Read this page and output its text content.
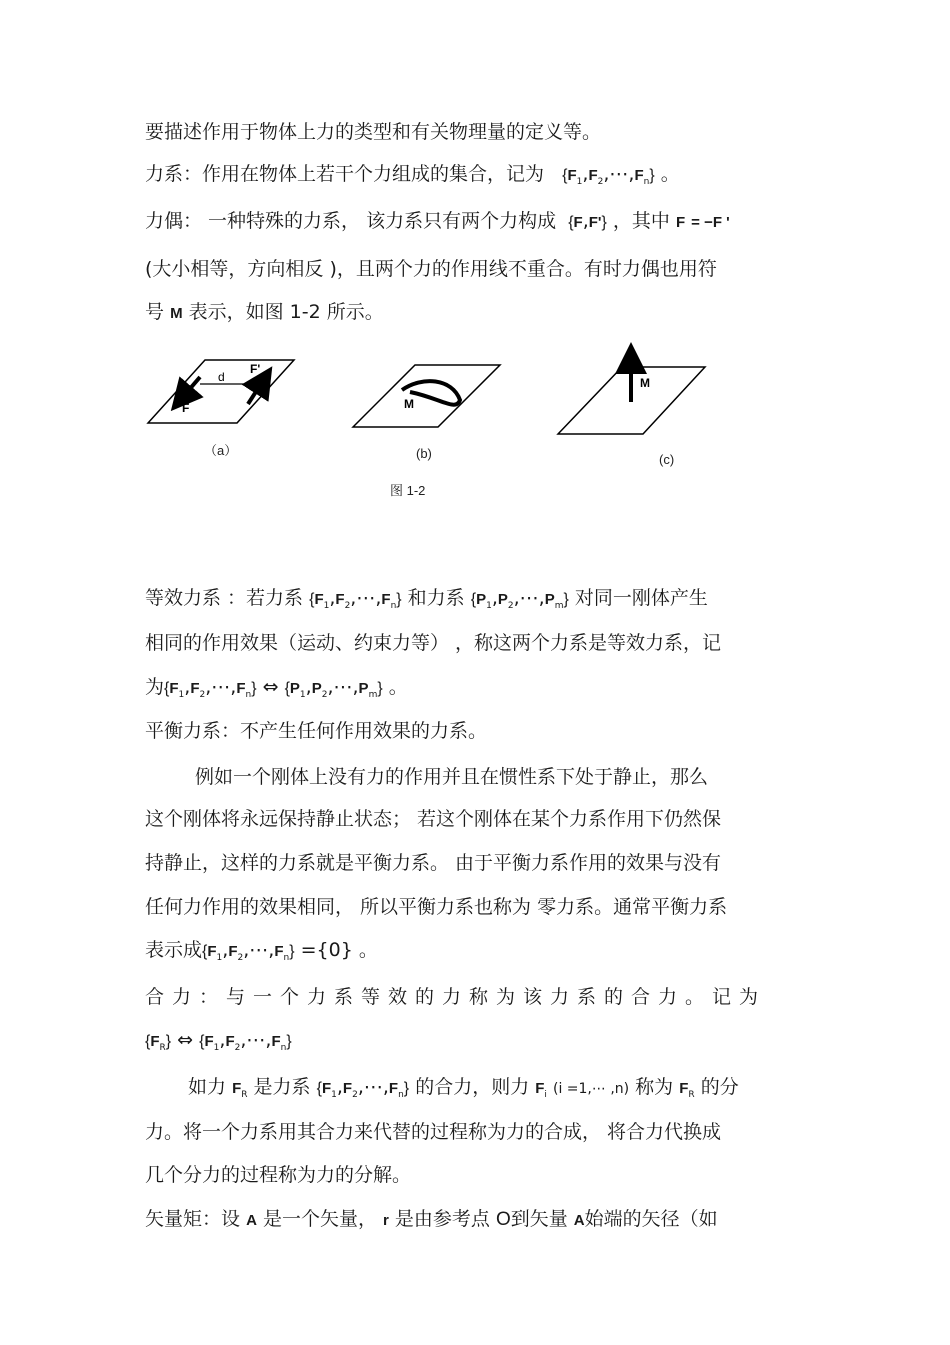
要描述作用于物体上力的类型和有关物理量的定义等。
力系：作用在物体上若干个力组成的集合，记为 $\{F_1,F_2,\cdots,F_n\}$ 。
力偶： 一种特殊的力系， 该力系只有两个力构成 {F,F'} ，其中 F = −F '
(大小相等，方向相反 )，且两个力的作用线不重合。有时力偶也用符
号 M 表示，如图 1-2 所示。
d
F
F'
M
M
（a）	(b)	(c)
图 1-2
等效力系 ：若力系 $\{F_1,F_2,\cdots,F_n\}$ 和力系 $\{P_1,P_2,\cdots,P_m\}$ 对同一刚体产生
相同的作用效果（运动、约束力等） ，称这两个力系是等效力系，记
为$\{F_1,F_2,\cdots,F_n\}$ ⇔ $\{P_1,P_2,\cdots,P_m\}$ 。
平衡力系：不产生任何作用效果的力系。
例如一个刚体上没有力的作用并且在惯性系下处于静止，那么
这个刚体将永远保持静止状态； 若这个刚体在某个力系作用下仍然保
持静止，这样的力系就是平衡力系。 由于平衡力系作用的效果与没有
任何力作用的效果相同， 所以平衡力系也称为 零力系。通常平衡力系
表示成$\{F_1,F_2,\cdots,F_n\} =\{0\}$ 。
合力：与一个力系等效的力称为该力系的合力。记为
$\{F_R\}$ ⇔ $\{F_1,F_2,\cdots,F_n\}$
如力 $F_R$ 是力系 $\{F_1,F_2,\cdots,F_n\}$ 的合力，则力 $F_i$ (i =1,⋯ ,n) 称为 $F_R$ 的分
力。将一个力系用其合力来代替的过程称为力的合成， 将合力代换成
几个分力的过程称为力的分解。
矢量矩：设 A 是一个矢量， r 是由参考点 O到矢量 A始端的矢径（如
